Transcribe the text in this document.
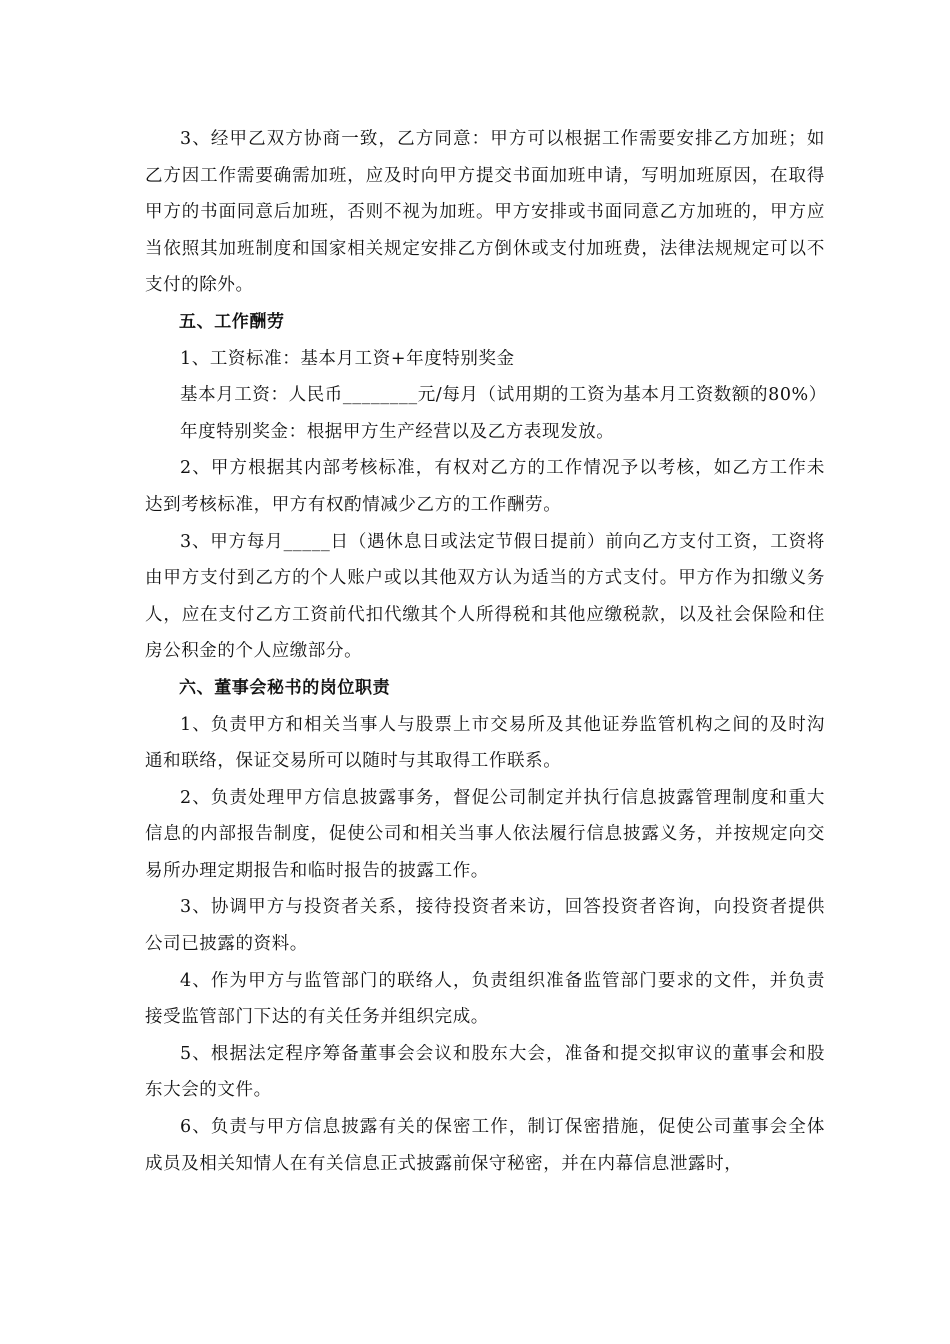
3、经甲乙双方协商一致，乙方同意：甲方可以根据工作需要安排乙方加班；如乙方因工作需要确需加班，应及时向甲方提交书面加班申请，写明加班原因，在取得甲方的书面同意后加班，否则不视为加班。甲方安排或书面同意乙方加班的，甲方应当依照其加班制度和国家相关规定安排乙方倒休或支付加班费，法律法规规定可以不支付的除外。

五、工作酬劳

1、工资标准：基本月工资+年度特别奖金

基本月工资：人民币________元/每月（试用期的工资为基本月工资数额的80%）

年度特别奖金：根据甲方生产经营以及乙方表现发放。

2、甲方根据其内部考核标准，有权对乙方的工作情况予以考核，如乙方工作未达到考核标准，甲方有权酌情减少乙方的工作酬劳。

3、甲方每月_____日（遇休息日或法定节假日提前）前向乙方支付工资，工资将由甲方支付到乙方的个人账户或以其他双方认为适当的方式支付。甲方作为扣缴义务人，应在支付乙方工资前代扣代缴其个人所得税和其他应缴税款，以及社会保险和住房公积金的个人应缴部分。

六、董事会秘书的岗位职责

1、负责甲方和相关当事人与股票上市交易所及其他证券监管机构之间的及时沟通和联络，保证交易所可以随时与其取得工作联系。

2、负责处理甲方信息披露事务，督促公司制定并执行信息披露管理制度和重大信息的内部报告制度，促使公司和相关当事人依法履行信息披露义务，并按规定向交易所办理定期报告和临时报告的披露工作。

3、协调甲方与投资者关系，接待投资者来访，回答投资者咨询，向投资者提供公司已披露的资料。

4、作为甲方与监管部门的联络人，负责组织准备监管部门要求的文件，并负责接受监管部门下达的有关任务并组织完成。

5、根据法定程序筹备董事会会议和股东大会，准备和提交拟审议的董事会和股东大会的文件。

6、负责与甲方信息披露有关的保密工作，制订保密措施，促使公司董事会全体成员及相关知情人在有关信息正式披露前保守秘密，并在内幕信息泄露时，
